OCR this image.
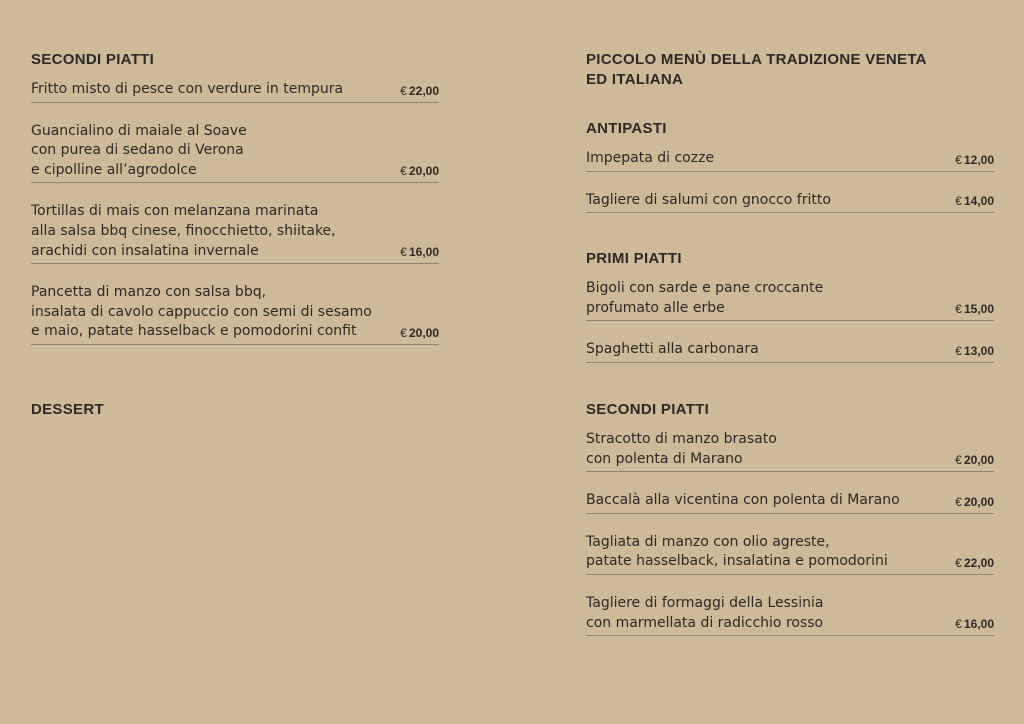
SECONDI PIATTI
Fritto misto di pesce con verdure in tempura	€ 22,00
Guancialino di maiale al Soave
con purea di sedano di Verona
e cipolline all’agrodolce	€ 20,00
Tortillas di mais con melanzana marinata
alla salsa bbq cinese, finocchietto, shiitake,
arachidi con insalatina invernale	€ 16,00
Pancetta di manzo con salsa bbq,
insalata di cavolo cappuccio con semi di sesamo
e maio, patate hasselback e pomodorini confit	€ 20,00
DESSERT
PICCOLO MENÙ DELLA TRADIZIONE VENETA
ED ITALIANA
ANTIPASTI
Impepata di cozze	€ 12,00
Tagliere di salumi con gnocco fritto	€ 14,00
PRIMI PIATTI
Bigoli con sarde e pane croccante
profumato alle erbe	€ 15,00
Spaghetti alla carbonara	€ 13,00
SECONDI PIATTI
Stracotto di manzo brasato
con polenta di Marano	€ 20,00
Baccalà alla vicentina con polenta di Marano	€ 20,00
Tagliata di manzo con olio agreste,
patate hasselback, insalatina e pomodorini	€ 22,00
Tagliere di formaggi della Lessinia
con marmellata di radicchio rosso	€ 16,00
